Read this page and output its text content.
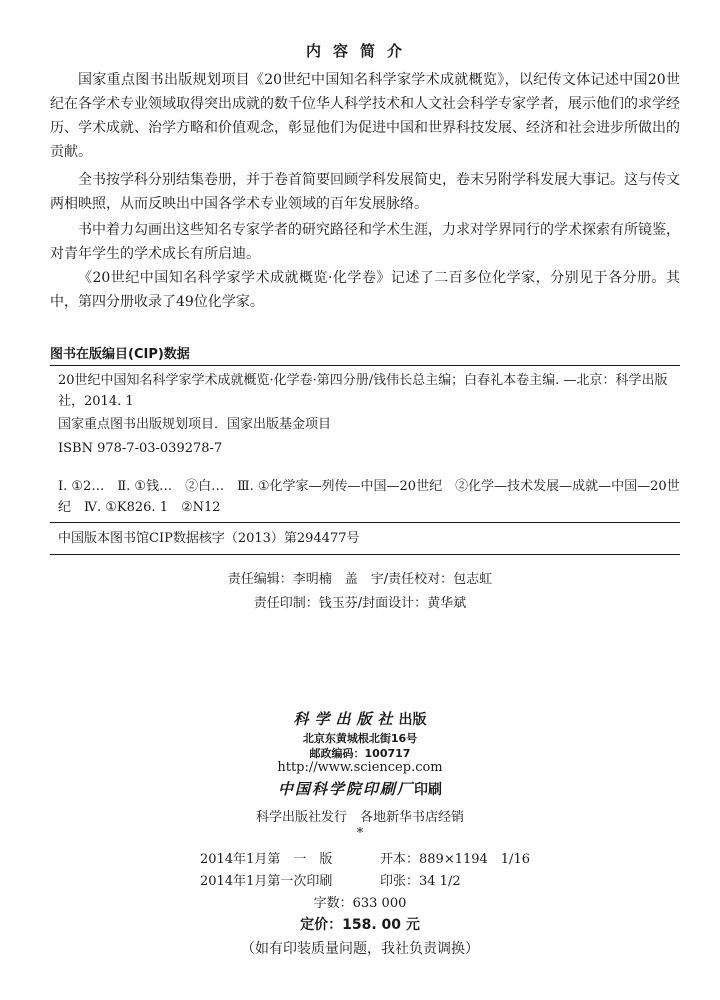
内容简介

国家重点图书出版规划项目《20世纪中国知名科学家学术成就概览》，以纪传文体记述中国20世纪在各学术专业领域取得突出成就的数千位华人科学技术和人文社会科学专家学者，展示他们的求学经历、学术成就、治学方略和价值观念，彰显他们为促进中国和世界科技发展、经济和社会进步所做出的贡献。

全书按学科分别结集卷册，并于卷首简要回顾学科发展简史，卷末另附学科发展大事记。这与传文两相映照，从而反映出中国各学术专业领域的百年发展脉络。

书中着力勾画出这些知名专家学者的研究路径和学术生涯，力求对学界同行的学术探索有所镜鉴，对青年学生的学术成长有所启迪。

《20世纪中国知名科学家学术成就概览·化学卷》记述了二百多位化学家，分别见于各分册。其中，第四分册收录了49位化学家。

图书在版编目(CIP)数据
20世纪中国知名科学家学术成就概览·化学卷·第四分册/钱伟长总主编；白春礼本卷主编. —北京：科学出版社，2014. 1
国家重点图书出版规划项目．国家出版基金项目
ISBN 978-7-03-039278-7
Ⅰ. ①2…　Ⅱ. ①钱…　②白…　Ⅲ. ①化学家—列传—中国—20世纪　②化学—技术发展—成就—中国—20世纪　Ⅳ. ①K826. 1　②N12
中国版本图书馆CIP数据核字（2013）第294477号
责任编辑：李明楠　盖　宇/责任校对：包志虹
责任印制：钱玉芬/封面设计：黄华斌
科学出版社出版
北京东黄城根北街16号
邮政编码：100717
http://www.sciencep.com
中国科学院印刷厂印刷
科学出版社发行　各地新华书店经销
*
2014年1月第　一　版	开本：889×1194　1/16
2014年1月第一次印刷	印张：34 1/2
字数：633 000
定价：158. 00 元
（如有印装质量问题，我社负责调换）
